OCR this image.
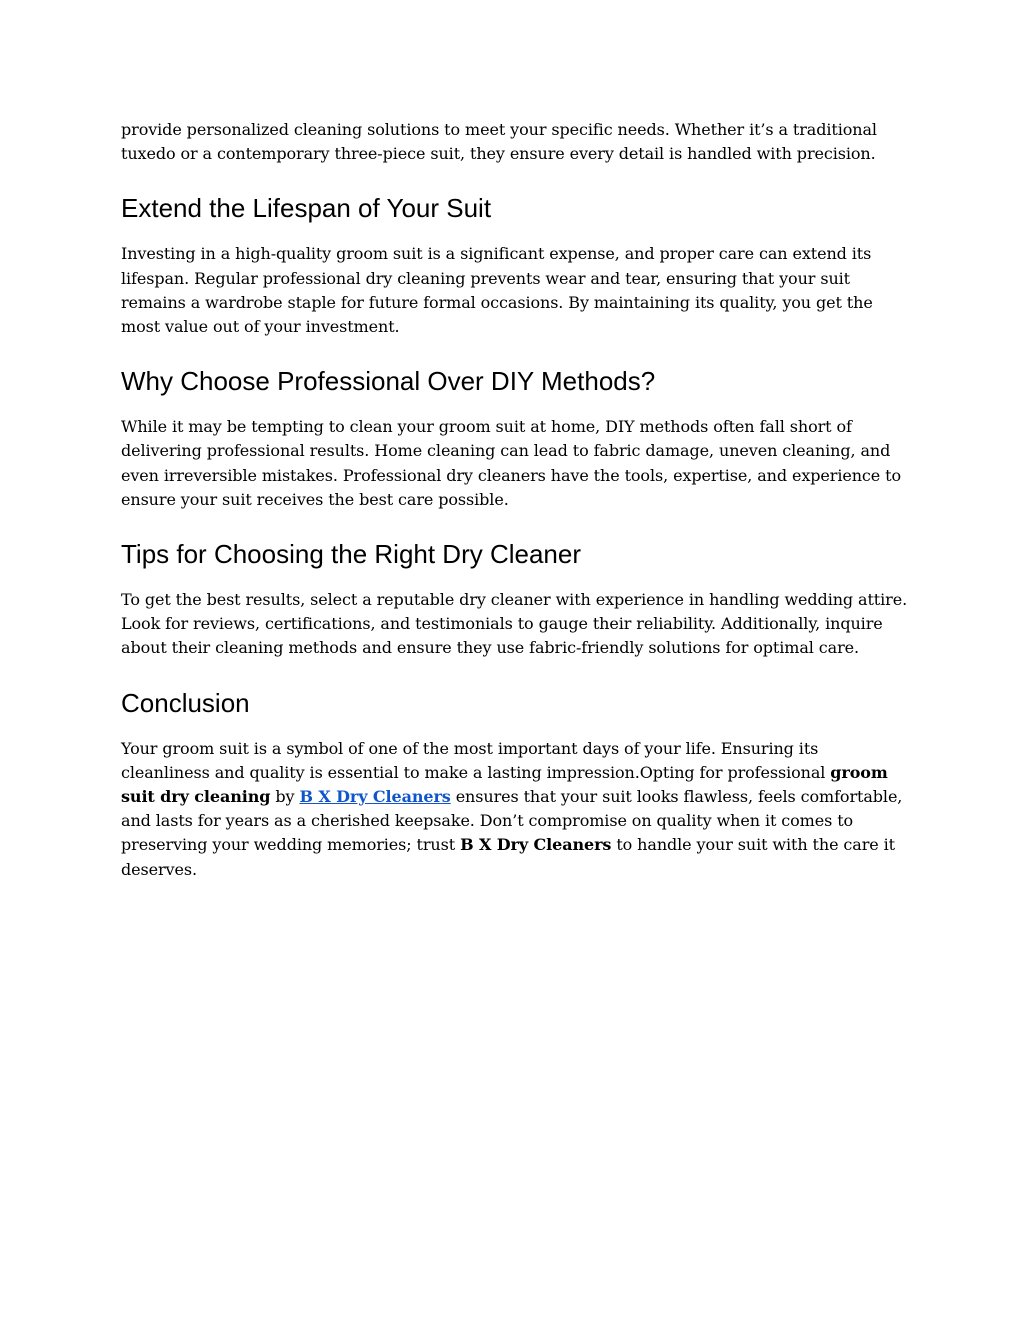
provide personalized cleaning solutions to meet your specific needs. Whether it’s a traditional tuxedo or a contemporary three-piece suit, they ensure every detail is handled with precision.

Extend the Lifespan of Your Suit

Investing in a high-quality groom suit is a significant expense, and proper care can extend its lifespan. Regular professional dry cleaning prevents wear and tear, ensuring that your suit remains a wardrobe staple for future formal occasions. By maintaining its quality, you get the most value out of your investment.

Why Choose Professional Over DIY Methods?

While it may be tempting to clean your groom suit at home, DIY methods often fall short of delivering professional results. Home cleaning can lead to fabric damage, uneven cleaning, and even irreversible mistakes. Professional dry cleaners have the tools, expertise, and experience to ensure your suit receives the best care possible.

Tips for Choosing the Right Dry Cleaner

To get the best results, select a reputable dry cleaner with experience in handling wedding attire. Look for reviews, certifications, and testimonials to gauge their reliability. Additionally, inquire about their cleaning methods and ensure they use fabric-friendly solutions for optimal care.

Conclusion

Your groom suit is a symbol of one of the most important days of your life. Ensuring its cleanliness and quality is essential to make a lasting impression.Opting for professional groom suit dry cleaning by B X Dry Cleaners ensures that your suit looks flawless, feels comfortable, and lasts for years as a cherished keepsake. Don’t compromise on quality when it comes to preserving your wedding memories; trust B X Dry Cleaners to handle your suit with the care it deserves.
